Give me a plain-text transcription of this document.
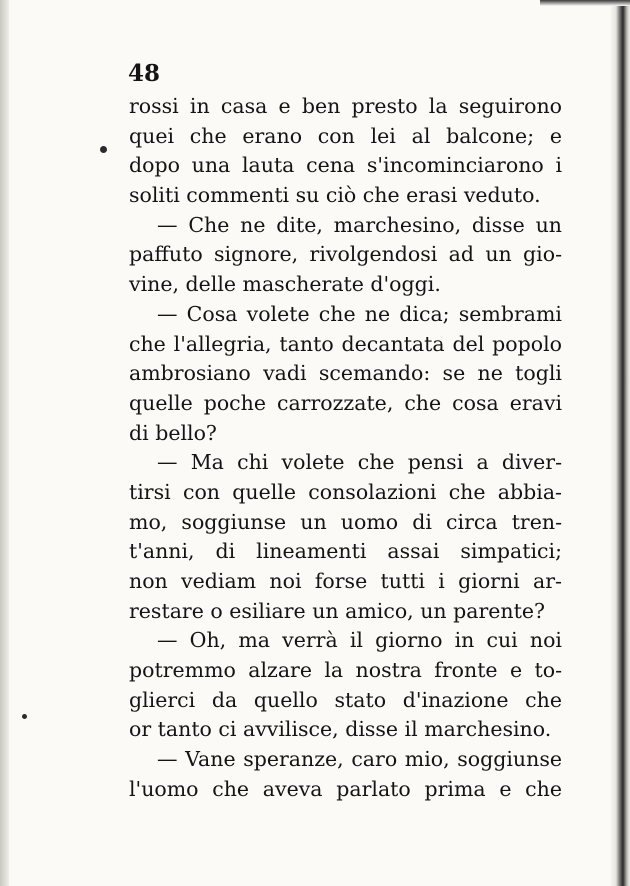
48
rossi in casa e ben presto la seguirono
quei che erano con lei al balcone; e
dopo una lauta cena s'incominciarono i
soliti commenti su ciò che erasi veduto.
— Che ne dite, marchesino, disse un
paffuto signore, rivolgendosi ad un gio-
vine, delle mascherate d'oggi.
— Cosa volete che ne dica; sembrami
che l'allegria, tanto decantata del popolo
ambrosiano vadi scemando: se ne togli
quelle poche carrozzate, che cosa eravi
di bello?
— Ma chi volete che pensi a diver-
tirsi con quelle consolazioni che abbia-
mo, soggiunse un uomo di circa tren-
t'anni, di lineamenti assai simpatici;
non vediam noi forse tutti i giorni ar-
restare o esiliare un amico, un parente?
— Oh, ma verrà il giorno in cui noi
potremmo alzare la nostra fronte e to-
glierci da quello stato d'inazione che
or tanto ci avvilisce, disse il marchesino.
— Vane speranze, caro mio, soggiunse
l'uomo che aveva parlato prima e che
